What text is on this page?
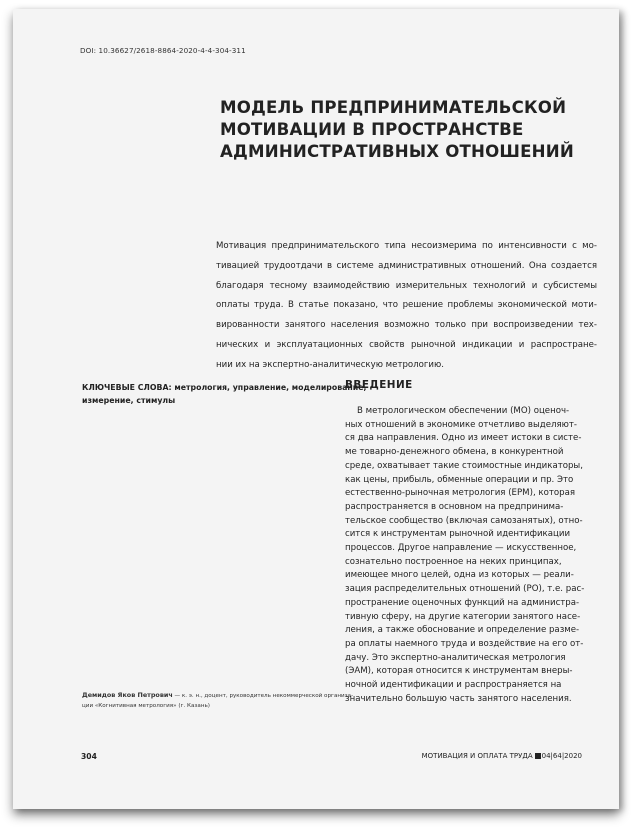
DOI: 10.36627/2618-8864-2020-4-4-304-311
МОДЕЛЬ ПРЕДПРИНИМАТЕЛЬСКОЙ
МОТИВАЦИИ В ПРОСТРАНСТВЕ
АДМИНИСТРАТИВНЫХ ОТНОШЕНИЙ
Мотивация предпринимательского типа несоизмерима по интенсивности с мо-
тивацией трудоотдачи в системе административных отношений. Она создается
благодаря тесному взаимодействию измерительных технологий и субсистемы
оплаты труда. В статье показано, что решение проблемы экономической моти-
вированности занятого населения возможно только при воспроизведении тех-
нических и эксплуатационных свойств рыночной индикации и распростране-
нии их на экспертно-аналитическую метрологию.
КЛЮЧЕВЫЕ СЛОВА: метрология, управление, моделирование,
измерение, стимулы
ВВЕДЕНИЕ
В метрологическом обеспечении (МО) оценоч-
ных отношений в экономике отчетливо выделяют-
ся два направления. Одно из имеет истоки в систе-
ме товарно-денежного обмена, в конкурентной
среде, охватывает такие стоимостные индикаторы,
как цены, прибыль, обменные операции и пр. Это
естественно-рыночная метрология (ЕРМ), которая
распространяется в основном на предпринима-
тельское сообщество (включая самозанятых), отно-
сится к инструментам рыночной идентификации
процессов. Другое направление — искусственное,
сознательно построенное на неких принципах,
имеющее много целей, одна из которых — реали-
зация распределительных отношений (РО), т.е. рас-
пространение оценочных функций на администра-
тивную сферу, на другие категории занятого насе-
ления, а также обоснование и определение разме-
ра оплаты наемного труда и воздействие на его от-
дачу. Это экспертно-аналитическая метрология
(ЭАМ), которая относится к инструментам внеры-
ночной идентификации и распространяется на
значительно большую часть занятого населения.
Демидов Яков Петрович — к. э. н., доцент, руководитель некоммерческой организа-
ции «Когнитивная метрология» (г. Казань)
304	МОТИВАЦИЯ И ОПЛАТА ТРУДА 04|64|2020
